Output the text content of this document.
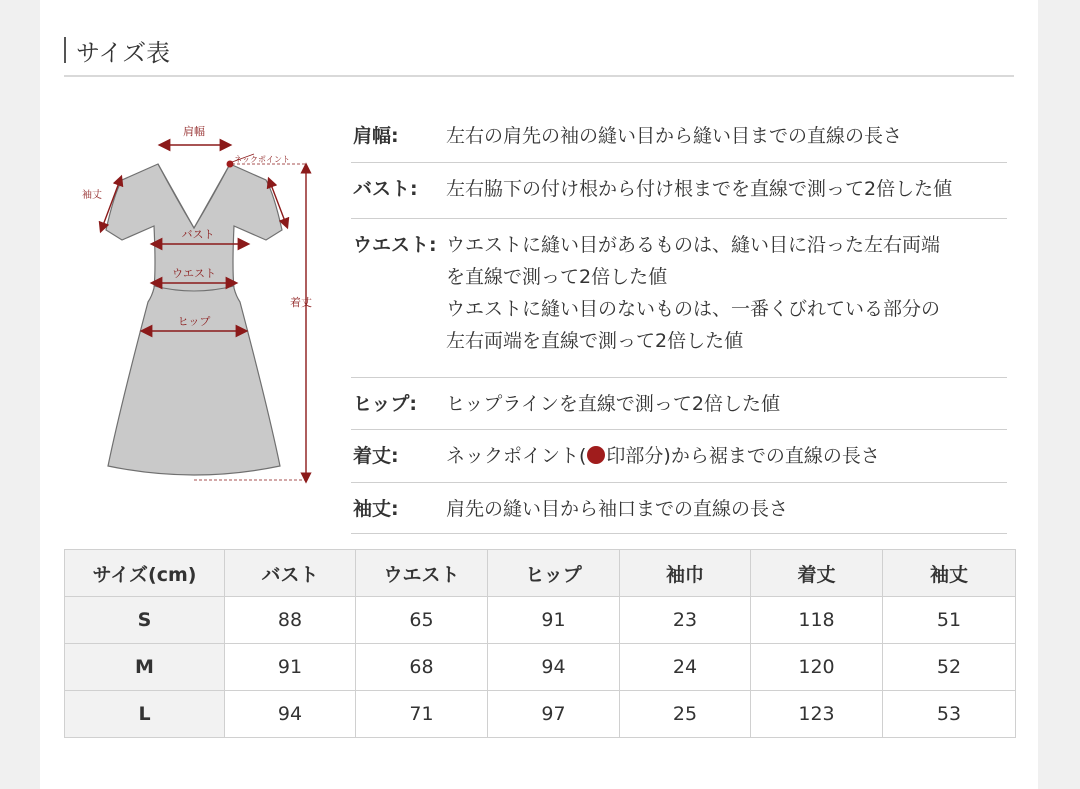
サイズ表
肩幅
ネックポイント
袖丈
バスト
ウエスト
ヒップ
着丈
肩幅:	左右の肩先の袖の縫い目から縫い目までの直線の長さ

バスト:	左右脇下の付け根から付け根までを直線で測って2倍した値

ウエスト: ウエストに縫い目があるものは、縫い目に沿った左右両端

を直線で測って2倍した値

ウエストに縫い目のないものは、一番くびれている部分の

左右両端を直線で測って2倍した値

ヒップ:	ヒップラインを直線で測って2倍した値

着丈:	ネックポイント( 印部分)から裾までの直線の長さ

袖丈:	肩先の縫い目から袖口までの直線の長さ

サイズ(cm)	バスト	ウエスト	ヒップ	袖巾	着丈	袖丈
S	88	65	91	23	118	51
M	91	68	94	24	120	52
L	94	71	97	25	123	53
